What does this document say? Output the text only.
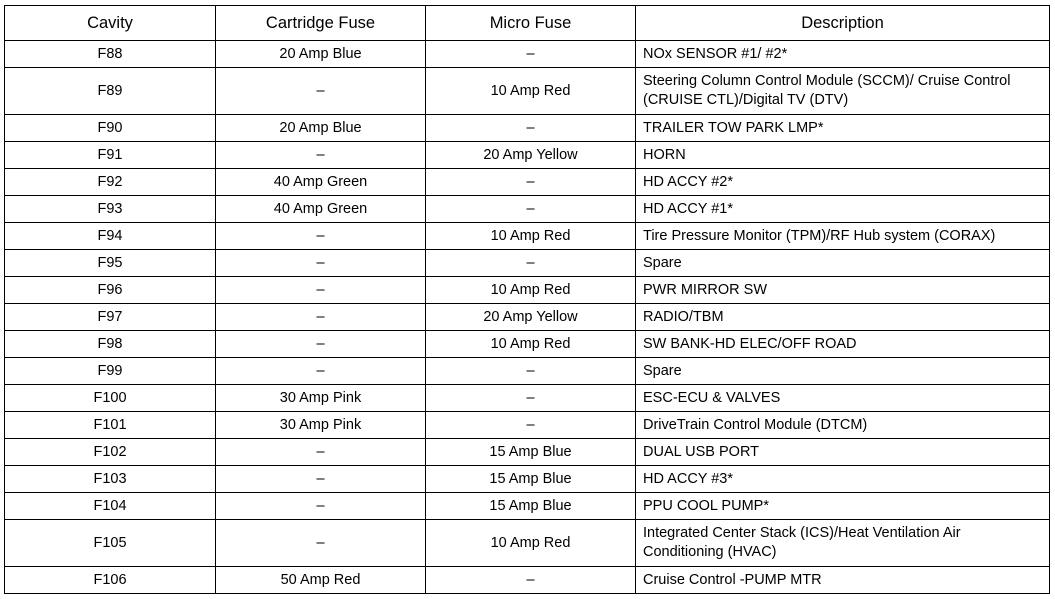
Cavity	Cartridge Fuse	Micro Fuse	Description
F88	20 Amp Blue	–	NOx SENSOR #1/ #2*
F89	–	10 Amp Red	Steering Column Control Module (SCCM)/ Cruise Control (CRUISE CTL)/Digital TV (DTV)
F90	20 Amp Blue	–	TRAILER TOW PARK LMP*
F91	–	20 Amp Yellow	HORN
F92	40 Amp Green	–	HD ACCY #2*
F93	40 Amp Green	–	HD ACCY #1*
F94	–	10 Amp Red	Tire Pressure Monitor (TPM)/RF Hub system (CORAX)
F95	–	–	Spare
F96	–	10 Amp Red	PWR MIRROR SW
F97	–	20 Amp Yellow	RADIO/TBM
F98	–	10 Amp Red	SW BANK-HD ELEC/OFF ROAD
F99	–	–	Spare
F100	30 Amp Pink	–	ESC-ECU & VALVES
F101	30 Amp Pink	–	DriveTrain Control Module (DTCM)
F102	–	15 Amp Blue	DUAL USB PORT
F103	–	15 Amp Blue	HD ACCY #3*
F104	–	15 Amp Blue	PPU COOL PUMP*
F105	–	10 Amp Red	Integrated Center Stack (ICS)/Heat Ventilation Air Conditioning (HVAC)
F106	50 Amp Red	–	Cruise Control -PUMP MTR
